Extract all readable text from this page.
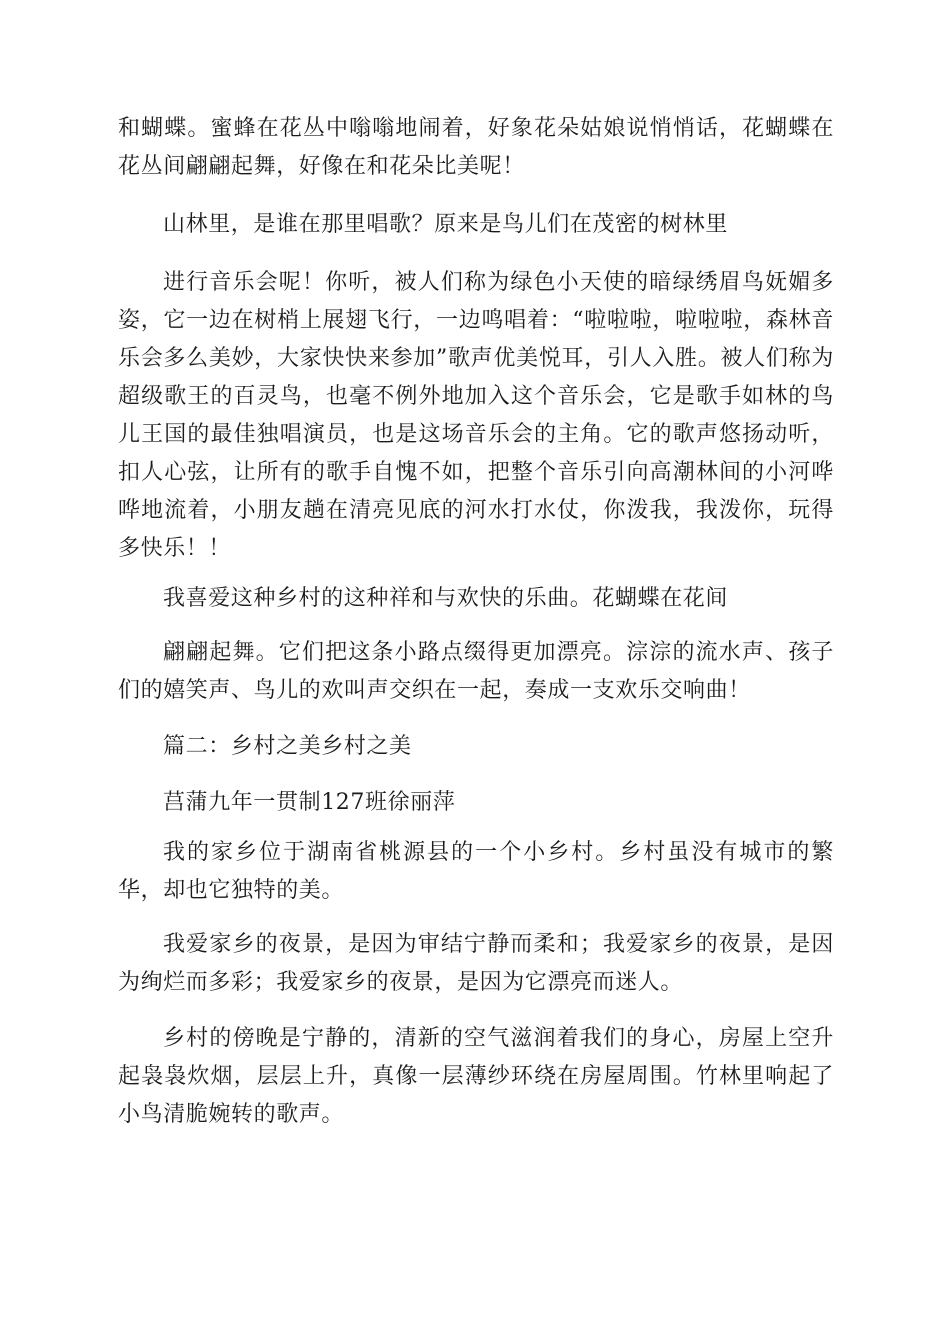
和蝴蝶。蜜蜂在花丛中嗡嗡地闹着，好象花朵姑娘说悄悄话，花蝴蝶在花丛间翩翩起舞，好像在和花朵比美呢！

山林里，是谁在那里唱歌？原来是鸟儿们在茂密的树林里

进行音乐会呢！你听，被人们称为绿色小天使的暗绿绣眉鸟妩媚多姿，它一边在树梢上展翅飞行，一边鸣唱着：“啦啦啦，啦啦啦，森林音乐会多么美妙，大家快快来参加”歌声优美悦耳，引人入胜。被人们称为超级歌王的百灵鸟，也毫不例外地加入这个音乐会，它是歌手如林的鸟儿王国的最佳独唱演员，也是这场音乐会的主角。它的歌声悠扬动听，扣人心弦，让所有的歌手自愧不如，把整个音乐引向高潮林间的小河哗哗地流着，小朋友趟在清亮见底的河水打水仗，你泼我，我泼你，玩得多快乐！！

我喜爱这种乡村的这种祥和与欢快的乐曲。花蝴蝶在花间

翩翩起舞。它们把这条小路点缀得更加漂亮。淙淙的流水声、孩子们的嬉笑声、鸟儿的欢叫声交织在一起，奏成一支欢乐交响曲！

篇二：乡村之美乡村之美

莒蒲九年一贯制127班徐丽萍

我的家乡位于湖南省桃源县的一个小乡村。乡村虽没有城市的繁华，却也它独特的美。

我爱家乡的夜景，是因为审结宁静而柔和；我爱家乡的夜景，是因为绚烂而多彩；我爱家乡的夜景，是因为它漂亮而迷人。

乡村的傍晚是宁静的，清新的空气滋润着我们的身心，房屋上空升起袅袅炊烟，层层上升，真像一层薄纱环绕在房屋周围。竹林里响起了小鸟清脆婉转的歌声。
